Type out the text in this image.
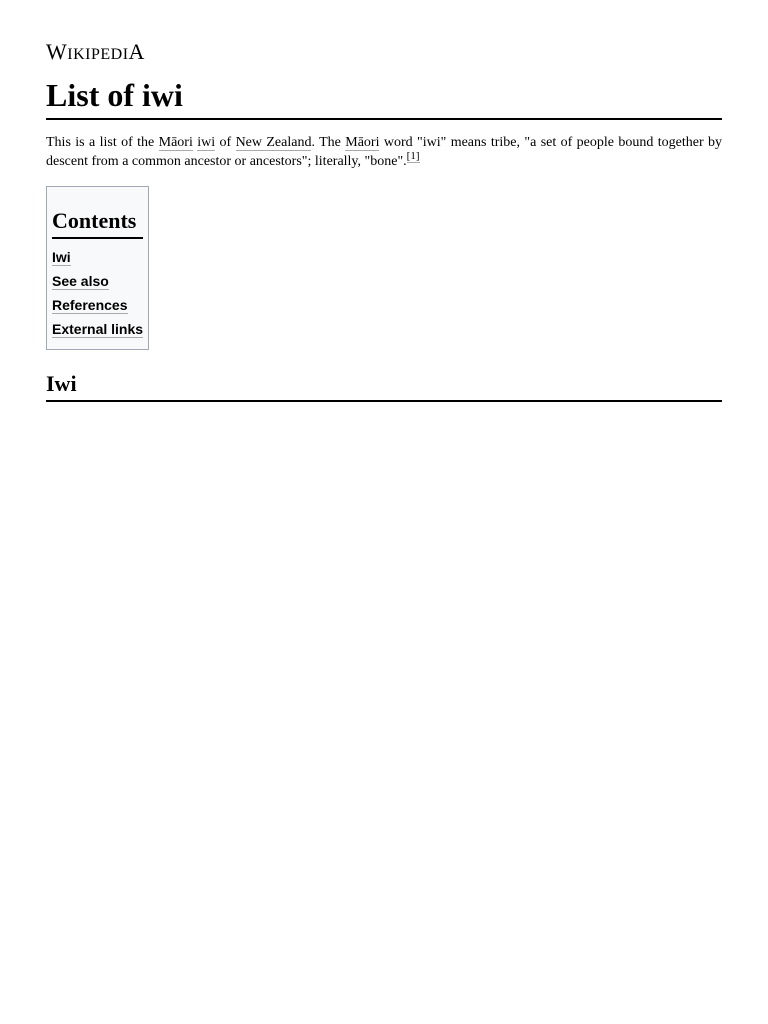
WIKIPEDIA
List of iwi

This is a list of the Māori iwi of New Zealand. The Māori word "iwi" means tribe, "a set of people bound together by descent from a common ancestor or ancestors"; literally, "bone".[1]

Contents
Iwi
See also
References
External links
Iwi
